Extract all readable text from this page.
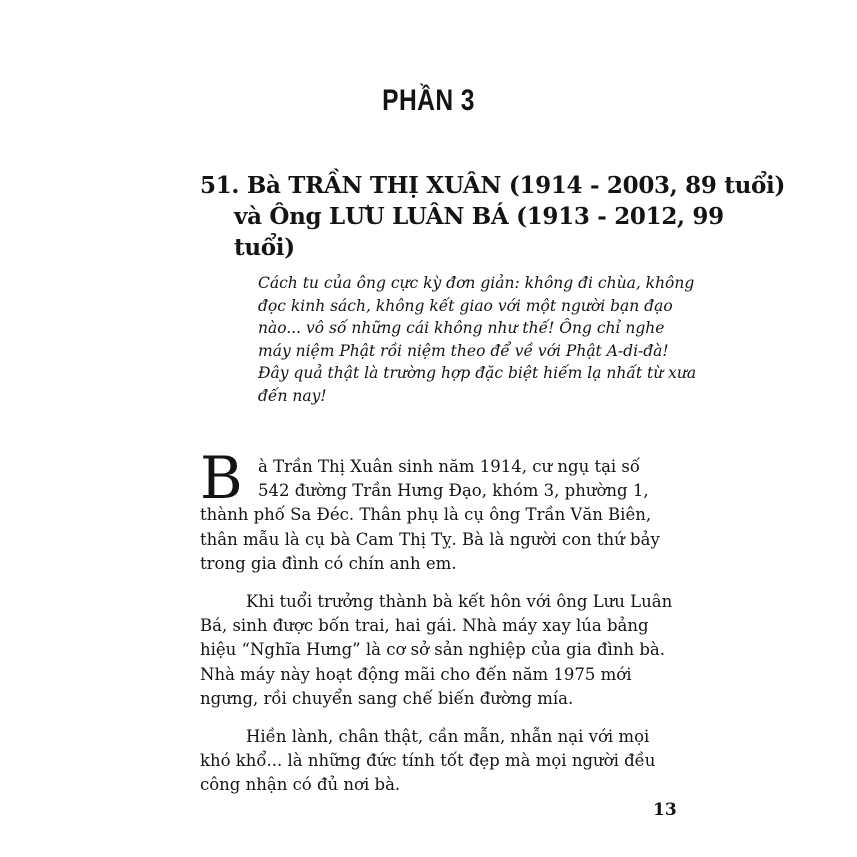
PHẦN 3
51. Bà TRẦN THỊ XUÂN (1914 - 2003, 89 tuổi)
và Ông LƯU LUÂN BÁ (1913 - 2012, 99
tuổi)
Cách tu của ông cực kỳ đơn giản: không đi chùa, không
đọc kinh sách, không kết giao với một người bạn đạo
nào... vô số những cái không như thế! Ông chỉ nghe
máy niệm Phật rồi niệm theo để về với Phật A-di-đà!
Đây quả thật là trường hợp đặc biệt hiếm lạ nhất từ xưa
đến nay!
B à Trần Thị Xuân sinh năm 1914, cư ngụ tại số
542 đường Trần Hưng Đạo, khóm 3, phường 1,
thành phố Sa Đéc. Thân phụ là cụ ông Trần Văn Biên,
thân mẫu là cụ bà Cam Thị Tỵ. Bà là người con thứ bảy
trong gia đình có chín anh em.
Khi tuổi trưởng thành bà kết hôn với ông Lưu Luân
Bá, sinh được bốn trai, hai gái. Nhà máy xay lúa bảng
hiệu “Nghĩa Hưng” là cơ sở sản nghiệp của gia đình bà.
Nhà máy này hoạt động mãi cho đến năm 1975 mới
ngưng, rồi chuyển sang chế biến đường mía.
Hiền lành, chân thật, cần mẫn, nhẫn nại với mọi
khó khổ... là những đức tính tốt đẹp mà mọi người đều
công nhận có đủ nơi bà.
13
